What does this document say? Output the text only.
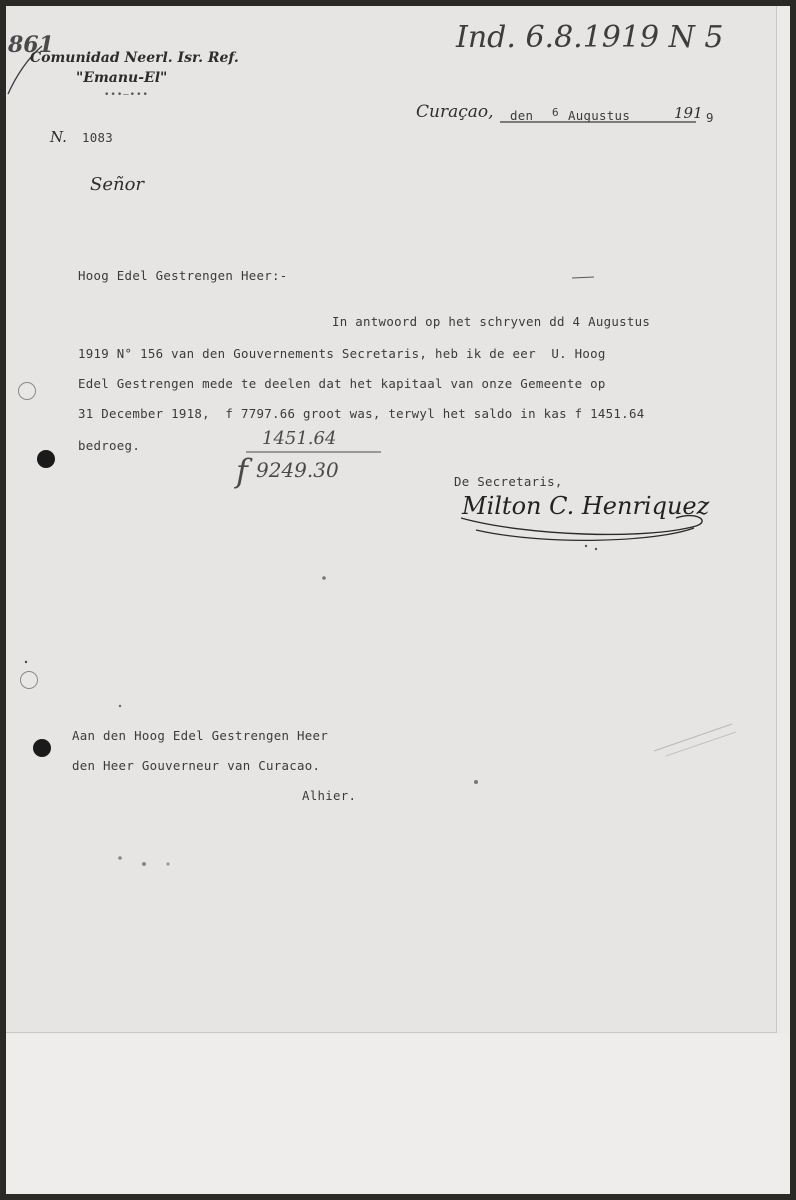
861
Comunidad Neerl. Isr. Ref.
"Emanu-El"
•••—•••
Ind. 6.8.1919 N 5
Curaçao, den 6 Augustus	191 9
N. 1083
Señor
Hoog Edel Gestrengen Heer:-
In antwoord op het schryven dd 4 Augustus
1919 N° 156 van den Gouvernements Secretaris, heb ik de eer  U. Hoog
Edel Gestrengen mede te deelen dat het kapitaal van onze Gemeente op
31 December 1918,  f 7797.66 groot was, terwyl het saldo in kas f 1451.64
bedroeg.	1451.64
f 9249.30	De Secretaris,
Milton C. Henriquez
Aan den Hoog Edel Gestrengen Heer
den Heer Gouverneur van Curacao.
Alhier.
